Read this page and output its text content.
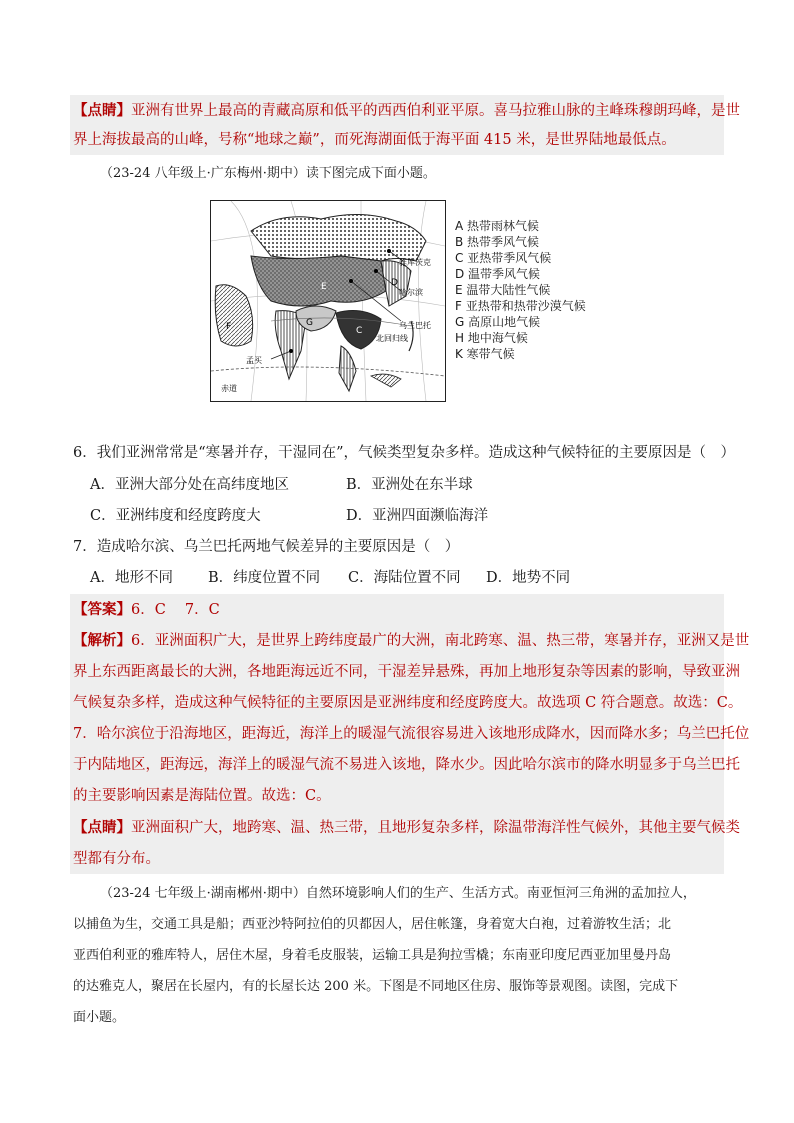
【点睛】亚洲有世界上最高的青藏高原和低平的西西伯利亚平原。喜马拉雅山脉的主峰珠穆朗玛峰，是世
界上海拔最高的山峰，号称“地球之巅”，而死海湖面低于海平面 415 米，是世界陆地最低点。
（23-24 八年级上·广东梅州·期中）读下图完成下面小题。
雅库茨克
哈尔滨
乌兰巴托
北回归线
孟买
赤道
E	D
F	G
C
A 热带雨林气候
B 热带季风气候
C 亚热带季风气候
D 温带季风气候
E 温带大陆性气候
F 亚热带和热带沙漠气候
G 高原山地气候
H 地中海气候
K 寒带气候
6．我们亚洲常常是“寒暑并存，干湿同在”，气候类型复杂多样。造成这种气候特征的主要原因是（　）
A．亚洲大部分处在高纬度地区	B．亚洲处在东半球
C．亚洲纬度和经度跨度大	D．亚洲四面濒临海洋
7．造成哈尔滨、乌兰巴托两地气候差异的主要原因是（　）
A．地形不同 B．纬度位置不同 C．海陆位置不同 D．地势不同
【答案】6．C　 7．C
【解析】6．亚洲面积广大，是世界上跨纬度最广的大洲，南北跨寒、温、热三带，寒暑并存，亚洲又是世
界上东西距离最长的大洲，各地距海远近不同，干湿差异悬殊，再加上地形复杂等因素的影响，导致亚洲
气候复杂多样，造成这种气候特征的主要原因是亚洲纬度和经度跨度大。故选项 C 符合题意。故选：C。
7．哈尔滨位于沿海地区，距海近，海洋上的暖湿气流很容易进入该地形成降水，因而降水多；乌兰巴托位
于内陆地区，距海远，海洋上的暖湿气流不易进入该地，降水少。因此哈尔滨市的降水明显多于乌兰巴托
的主要影响因素是海陆位置。故选：C。
【点睛】亚洲面积广大，地跨寒、温、热三带，且地形复杂多样，除温带海洋性气候外，其他主要气候类
型都有分布。
（23-24 七年级上·湖南郴州·期中）自然环境影响人们的生产、生活方式。南亚恒河三角洲的孟加拉人，
以捕鱼为生，交通工具是船；西亚沙特阿拉伯的贝都因人，居住帐篷，身着宽大白袍，过着游牧生活；北
亚西伯利亚的雅库特人，居住木屋，身着毛皮服装，运输工具是狗拉雪橇；东南亚印度尼西亚加里曼丹岛
的达雅克人，聚居在长屋内，有的长屋长达 200 米。下图是不同地区住房、服饰等景观图。读图，完成下
面小题。
